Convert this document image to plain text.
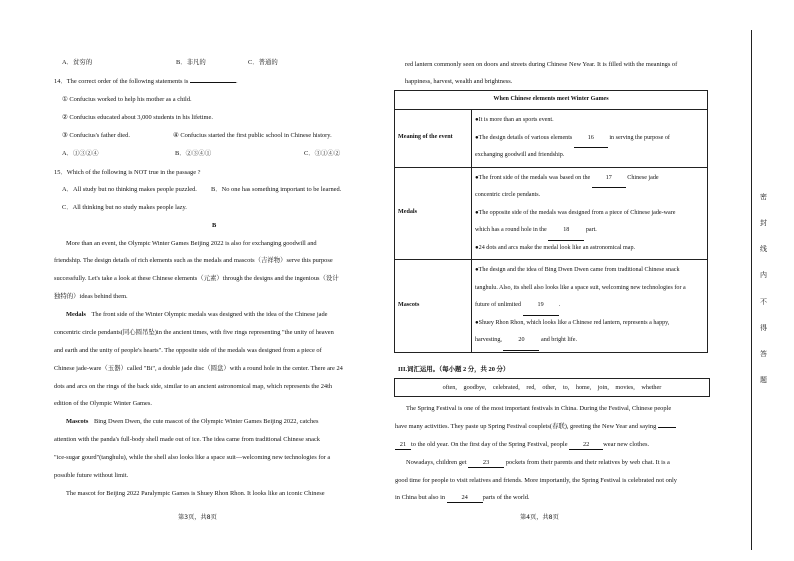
A．贫穷的	B．非凡的	C．普通的
14．The correct order of the following statements is	.
① Confucius worked to help his mother as a child.
② Confucius educated about 3,000 students in his lifetime.
③ Confucius's father died.	④ Confucius started the first public school in Chinese history.
A．①③②④	B．②③④①	C．③①④②
15．Which of the following is NOT true in the passage ?
A．All study but no thinking makes people puzzled. B．No one has something important to be learned.
C．All thinking but no study makes people lazy.
B
More than an event, the Olympic Winter Games Beijing 2022 is also for exchanging goodwill and
friendship. The design details of rich elements such as the medals and mascots（吉祥物）serve this purpose
successfully. Let's take a look at these Chinese elements（元素）through the designs and the ingenious（设计
独特的）ideas behind them.
Medals The front side of the Winter Olympic medals was designed with the idea of the Chinese jade
concentric circle pendants(同心圆吊坠)in the ancient times, with five rings representing "the unity of heaven
and earth and the unity of people's hearts". The opposite side of the medals was designed from a piece of
Chinese jade-ware（玉器）called "Bi", a double jade disc（圆盘）with a round hole in the center. There are 24
dots and arcs on the rings of the back side, similar to an ancient astronomical map, which represents the 24th
edition of the Olympic Winter Games.
Mascots Bing Dwen Dwen, the cute mascot of the Olympic Winter Games Beijing 2022, catches
attention with the panda's full-body shell made out of ice. The idea came from traditional Chinese snack
"ice-sugar gourd"(tanghulu), while the shell also looks like a space suit—welcoming new technologies for a
possible future without limit.
The mascot for Beijing 2022 Paralympic Games is Shuey Rhon Rhon. It looks like an iconic Chinese
第3页，共8页
red lantern commonly seen on doors and streets during Chinese New Year. It is filled with the meanings of
happiness, harvest, wealth and brightness.
When Chinese elements meet Winter Games	
Meaning of the event	●It is more than an sports event.
●The design details of various elements 16 in serving the purpose of
exchanging goodwill and friendship.

Medals	●The front side of the medals was based on the 17 Chinese jade
concentric circle pendants.
●The opposite side of the medals was designed from a piece of Chinese jade-ware
which has a round hole in the 18 part.
●24 dots and arcs make the medal look like an astronomical map.

Mascots	●The design and the idea of Bing Dwen Dwen came from traditional Chinese snack
tanghulu. Also, its shell also looks like a space suit, welcoming new technologies for a
future of unlimited 19 .
●Shuey Rhon Rhon, which looks like a Chinese red lantern, represents a happy,
harvesting, 20 and bright life.
III.词汇运用。（每小题 2 分，共 20 分）
often, goodbye, celebrated, red, other, to, home, join, movies, whether
The Spring Festival is one of the most important festivals in China. During the Festival, Chinese people
have many activities. They paste up Spring Festival couplets(春联), greeting the New Year and saying
21 to the old year. On the first day of the Spring Festival, people 22 wear new clothes.
Nowadays, children get	23	pockets from their parents and their relatives by web chat. It is a
good time for people to visit relatives and friends. More importantly, the Spring Festival is celebrated not only
in China but also in	24 parts of the world.
第4页，共8页
密
封
线
内
不
得
答
题
